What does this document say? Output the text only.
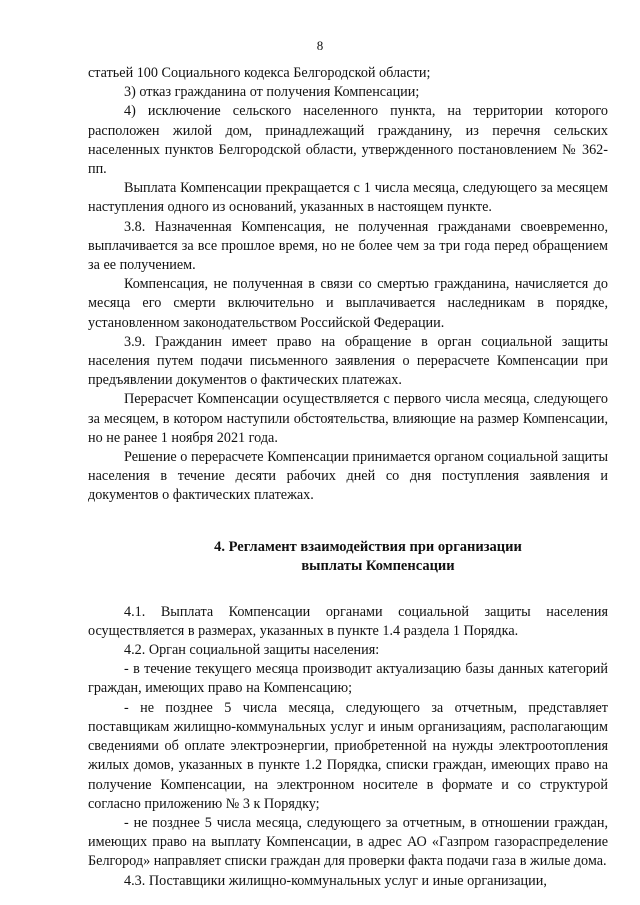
8

статьей 100 Социального кодекса Белгородской области;

3) отказ гражданина от получения Компенсации;

4) исключение сельского населенного пункта, на территории которого расположен жилой дом, принадлежащий гражданину, из перечня сельских населенных пунктов Белгородской области, утвержденного постановлением № 362-пп.

Выплата Компенсации прекращается с 1 числа месяца, следующего за месяцем наступления одного из оснований, указанных в настоящем пункте.

3.8. Назначенная Компенсация, не полученная гражданами своевременно, выплачивается за все прошлое время, но не более чем за три года перед обращением за ее получением.

Компенсация, не полученная в связи со смертью гражданина, начисляется до месяца его смерти включительно и выплачивается наследникам в порядке, установленном законодательством Российской Федерации.

3.9. Гражданин имеет право на обращение в орган социальной защиты населения путем подачи письменного заявления о перерасчете Компенсации при предъявлении документов о фактических платежах.

Перерасчет Компенсации осуществляется с первого числа месяца, следующего за месяцем, в котором наступили обстоятельства, влияющие на размер Компенсации, но не ранее 1 ноября 2021 года.

Решение о перерасчете Компенсации принимается органом социальной защиты населения в течение десяти рабочих дней со дня поступления заявления и документов о фактических платежах.

4. Регламент взаимодействия при организации
выплаты Компенсации

4.1. Выплата Компенсации органами социальной защиты населения осуществляется в размерах, указанных в пункте 1.4 раздела 1 Порядка.

4.2. Орган социальной защиты населения:

- в течение текущего месяца производит актуализацию базы данных категорий граждан, имеющих право на Компенсацию;

- не позднее 5 числа месяца, следующего за отчетным, представляет поставщикам жилищно-коммунальных услуг и иным организациям, располагающим сведениями об оплате электроэнергии, приобретенной на нужды электроотопления жилых домов, указанных в пункте 1.2 Порядка, списки граждан, имеющих право на получение Компенсации, на электронном носителе в формате и со структурой согласно приложению № 3 к Порядку;

- не позднее 5 числа месяца, следующего за отчетным, в отношении граждан, имеющих право на выплату Компенсации, в адрес АО «Газпром газораспределение Белгород» направляет списки граждан для проверки факта подачи газа в жилые дома.

4.3. Поставщики жилищно-коммунальных услуг и иные организации,
